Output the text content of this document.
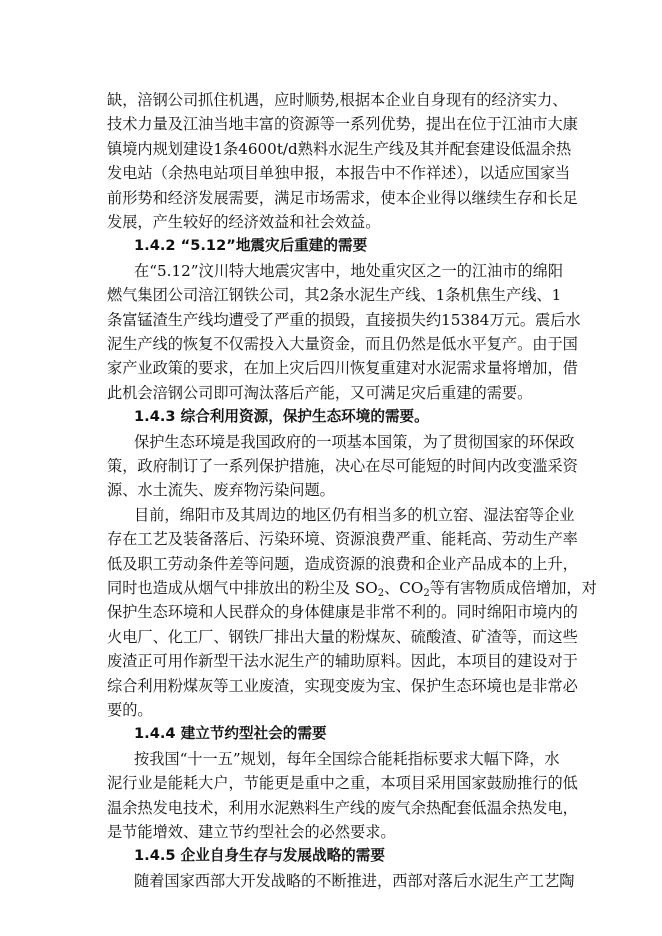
缺，涪钢公司抓住机遇，应时顺势,根据本企业自身现有的经济实力、
技术力量及江油当地丰富的资源等一系列优势，提出在位于江油市大康
镇境内规划建设1条4600t/d熟料水泥生产线及其并配套建设低温余热
发电站（余热电站项目单独申报，本报告中不作祥述），以适应国家当
前形势和经济发展需要，满足市场需求，使本企业得以继续生存和长足
发展，产生较好的经济效益和社会效益。
1.4.2 “5.12”地震灾后重建的需要
在“5.12”汶川特大地震灾害中，地处重灾区之一的江油市的绵阳
燃气集团公司涪江钢铁公司，其2条水泥生产线、1条机焦生产线、1
条富锰渣生产线均遭受了严重的损毁，直接损失约15384万元。震后水
泥生产线的恢复不仅需投入大量资金，而且仍然是低水平复产。由于国
家产业政策的要求，在加上灾后四川恢复重建对水泥需求量将增加，借
此机会涪钢公司即可淘汰落后产能，又可满足灾后重建的需要。
1.4.3 综合利用资源，保护生态环境的需要。
保护生态环境是我国政府的一项基本国策，为了贯彻国家的环保政
策，政府制订了一系列保护措施，决心在尽可能短的时间内改变滥采资
源、水土流失、废弃物污染问题。
目前，绵阳市及其周边的地区仍有相当多的机立窑、湿法窑等企业
存在工艺及装备落后、污染环境、资源浪费严重、能耗高、劳动生产率
低及职工劳动条件差等问题，造成资源的浪费和企业产品成本的上升，
同时也造成从烟气中排放出的粉尘及 $SO_2$、$CO_2$等有害物质成倍增加，对
保护生态环境和人民群众的身体健康是非常不利的。同时绵阳市境内的
火电厂、化工厂、钢铁厂排出大量的粉煤灰、硫酸渣、矿渣等，而这些
废渣正可用作新型干法水泥生产的辅助原料。因此，本项目的建设对于
综合利用粉煤灰等工业废渣，实现变废为宝、保护生态环境也是非常必
要的。
1.4.4 建立节约型社会的需要
按我国“十一五”规划，每年全国综合能耗指标要求大幅下降，水
泥行业是能耗大户，节能更是重中之重，本项目采用国家鼓励推行的低
温余热发电技术，利用水泥熟料生产线的废气余热配套低温余热发电，
是节能增效、建立节约型社会的必然要求。
1.4.5 企业自身生存与发展战略的需要
随着国家西部大开发战略的不断推进，西部对落后水泥生产工艺陶
